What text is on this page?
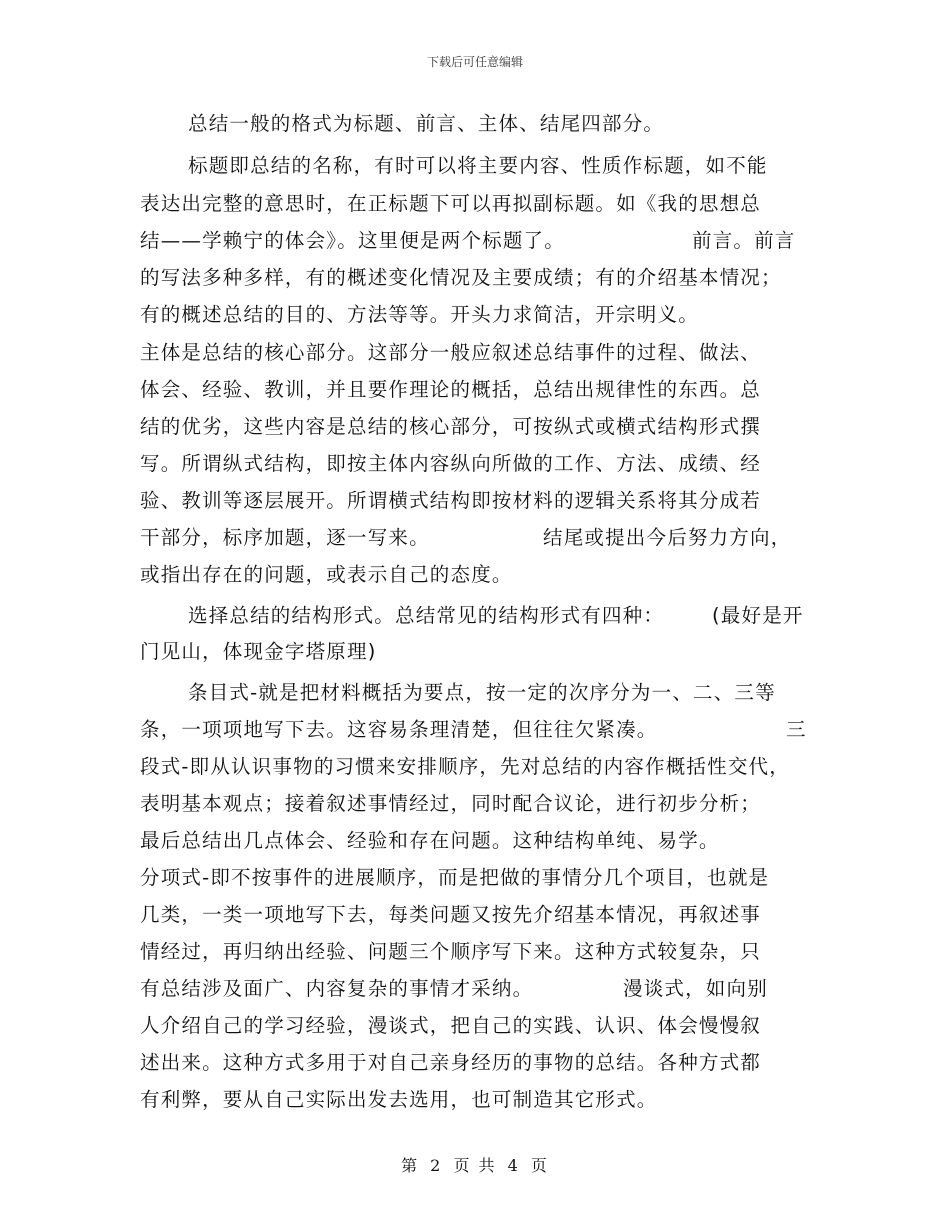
下载后可任意编辑
总结一般的格式为标题、前言、主体、结尾四部分。
标题即总结的名称，有时可以将主要内容、性质作标题，如不能
表达出完整的意思时，在正标题下可以再拟副标题。如《我的思想总
结——学赖宁的体会》。这里便是两个标题了。	前言。前言
的写法多种多样，有的概述变化情况及主要成绩；有的介绍基本情况；
有的概述总结的目的、方法等等。开头力求简洁，开宗明义。
主体是总结的核心部分。这部分一般应叙述总结事件的过程、做法、
体会、经验、教训，并且要作理论的概括，总结出规律性的东西。总
结的优劣，这些内容是总结的核心部分，可按纵式或横式结构形式撰
写。所谓纵式结构，即按主体内容纵向所做的工作、方法、成绩、经
验、教训等逐层展开。所谓横式结构即按材料的逻辑关系将其分成若
干部分，标序加题，逐一写来。	结尾或提出今后努力方向，
或指出存在的问题，或表示自己的态度。
选择总结的结构形式。总结常见的结构形式有四种： (最好是开
门见山，体现金字塔原理)
条目式-就是把材料概括为要点，按一定的次序分为一、二、三等
条，一项项地写下去。这容易条理清楚，但往往欠紧凑。	三
段式-即从认识事物的习惯来安排顺序，先对总结的内容作概括性交代，
表明基本观点；接着叙述事情经过，同时配合议论，进行初步分析；
最后总结出几点体会、经验和存在问题。这种结构单纯、易学。
分项式-即不按事件的进展顺序，而是把做的事情分几个项目，也就是
几类，一类一项地写下去，每类问题又按先介绍基本情况，再叙述事
情经过，再归纳出经验、问题三个顺序写下来。这种方式较复杂，只
有总结涉及面广、内容复杂的事情才采纳。	漫谈式，如向别
人介绍自己的学习经验，漫谈式，把自己的实践、认识、体会慢慢叙
述出来。这种方式多用于对自己亲身经历的事物的总结。各种方式都
有利弊，要从自己实际出发去选用，也可制造其它形式。
第 2 页 共 4 页
